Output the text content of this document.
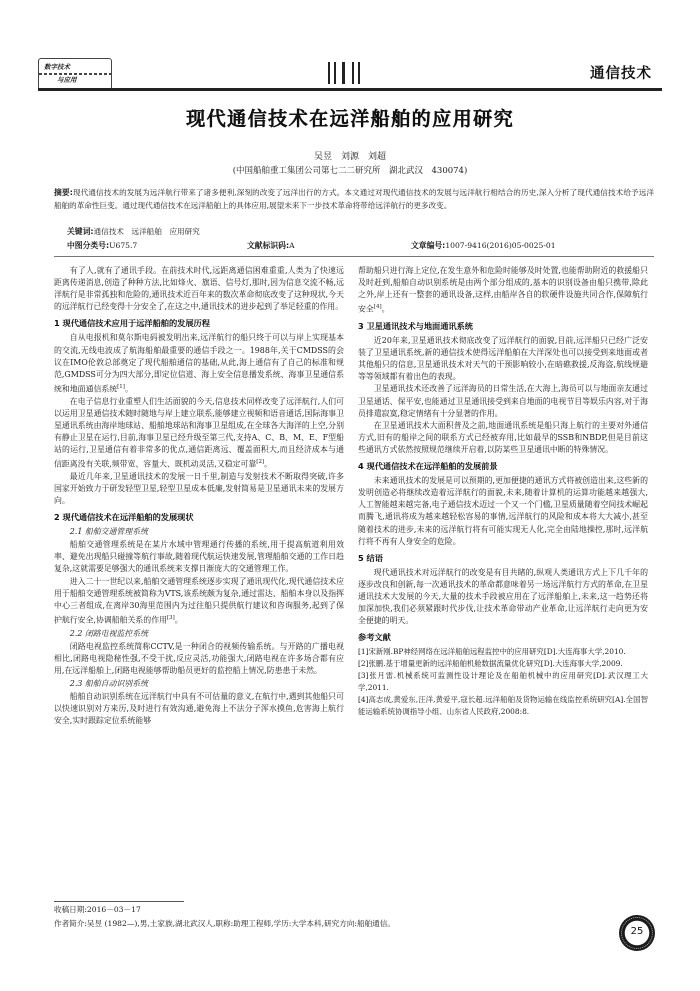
数字技术
与应用	通信技术
现代通信技术在远洋船舶的应用研究
吴昱　刘源　刘超
(中国船舶重工集团公司第七二二研究所　湖北武汉　430074)
摘要:现代通信技术的发展为远洋航行带来了诸多便利,深刻的改变了远洋出行的方式。本文通过对现代通信技术的发展与远洋航行相结合的历史,深入分析了现代通信技术给予远洋船舶的革命性巨变。通过现代通信技术在远洋船舶上的具体应用,展望未来下一步技术革命将带给远洋航行的更多改变。
关键词:通信技术　远洋船舶　应用研究
中图分类号:U675.7	文献标识码:A	文章编号:1007-9416(2016)05-0025-01

有了人,就有了通讯手段。在前技术时代,远距离通信困难重重,人类为了快速远距离传递消息,创造了种种方法,比如烽火、旗语、信号灯,那时,因为信息交流不畅,远洋航行是非常孤独和危险的,通讯技术近百年来的数次革命彻底改变了这种现状,今天的远洋航行已经变得十分安全了,在这之中,通讯技术的进步起到了举足轻重的作用。

1 现代通信技术应用于远洋船舶的发展历程

自从电报机和莫尔斯电码被发明出来,远洋航行的船只终于可以与岸上实现基本的交流,无线电波成了航海船舶最重要的通信手段之一。1988年,关于CMDSS的会议在IMO伦敦总部奠定了现代船舶通信的基础,从此,海上通信有了自己的标准和规范,GMDSS可分为四大部分,即定位信道、海上安全信息播发系统、海事卫星通信系统和地面通信系统[1]。

在电子信息行业重塑人们生活面貌的今天,信息技术同样改变了远洋航行,人们可以运用卫星通信技术随时随地与岸上建立联系,能够建立视频和语音通话,国际海事卫星通讯系统由海岸地球站、船舶地球站和海事卫星组成,在全球各大海洋的上空,分别有静止卫星在运行,目前,海事卫星已经升级至第三代,支持A、C、B、M、E、F型船站的运行,卫星通信有着非常多的优点,通信距离远、覆盖面积大,而且经济成本与通信距离没有关联,频带宽、容量大、既机动灵活,又稳定可靠[2]。

最近几年来,卫星通讯技术的发展一日千里,制造与发射技术不断取得突破,许多国家开始致力于研发轻型卫星,轻型卫星成本低廉,发射简易是卫星通讯未来的发展方向。

2 现代通信技术在远洋船舶的发展现状
2.1 船舶交通管理系统

船舶交通管理系统是在某片水域中管理通行传播的系统,用于提高航道利用效率、避免出现船只碰撞等航行事故,随着现代航运快速发展,管理船舶交通的工作日趋复杂,这就需要足够强大的通讯系统来支撑日渐庞大的交通管理工作。

进入二十一世纪以来,船舶交通管理系统逐步实现了通讯现代化,现代通信技术应用于船舶交通管理系统被简称为VTS,该系统颇为复杂,通过雷达、船舶本身以及指挥中心三者组成,在离岸30海里范围内为过往船只提供航行建议和咨询服务,起到了保护航行安全,协调船舶关系的作用[3]。

2.2 闭路电视监控系统

闭路电视监控系统简称CCTV,是一种闭合的视频传输系统。与开路的广播电视相比,闭路电视隐秘性强,不受干扰,反应灵活,功能强大,闭路电视在许多场合都有应用,在远洋船舶上,闭路电视能够帮助船员更好的监控船上情况,防患患于未然。

2.3 船舶自动识别系统

船舶自动识别系统在远洋航行中具有不可估量的意义,在航行中,遇到其他船只可以快速识别对方来历,及时进行有效沟通,避免海上不法分子浑水摸鱼,危害海上航行安全,实时跟踪定位系统能够

帮助船只进行海上定位,在发生意外和危险时能够及时处置,也能帮助附近的救援船只及时赶到,船舶自动识别系统是由两个部分组成的,基本的识别设备由船只携带,除此之外,岸上还有一整套的通讯设备,这样,由船岸各自的软硬件设施共同合作,保障航行安全[4]。

3 卫星通讯技术与地面通讯系统

近20年来,卫星通讯技术彻底改变了远洋航行的面貌,目前,远洋船只已经广泛安装了卫星通讯系统,新的通信技术使得远洋船舶在大洋深处也可以接受到来地面或者其他船只的信息,卫星通讯技术对天气的干预影响较小,在暗礁救援,反海盗,航线规避等等领域都有着出色的表现。

卫星通讯技术还改善了远洋海员的日常生活,在大海上,海员可以与地面亲友通过卫星通话、保平安,也能通过卫星通讯接受到来自地面的电视节目等娱乐内容,对于海员排遣寂寞,稳定情绪有十分显著的作用。

在卫星通讯技术大面积普及之前,地面通讯系统是船只海上航行的主要对外通信方式,旧有的船岸之间的联系方式已经被弃用,比如最早的SSB和NBDP,但是目前这些通讯方式依然按照规范继续开启着,以防某些卫星通讯中断的特殊情况。

4 现代通信技术在远洋船舶的发展前景

未来通讯技术的发展是可以预期的,更加便捷的通讯方式将被创造出来,这些新的发明创造必将继续改造着远洋航行的面貌,未来,随着计算机的运算功能越来越强大,人工智能越来越完备,电子通信技术迈过一个又一个门槛,卫星质量随着空间技术崛起而腾飞,通讯将成为越来越轻松容易的事情,远洋航行的风险和成本将大大减小,甚至随着技术的进步,未来的远洋航行将有可能实现无人化,完全由陆地操控,那时,远洋航行将不再有人身安全的危险。

5 结语

现代通讯技术对远洋航行的改变是有目共睹的,纵观人类通讯方式上下几千年的逐步改良和创新,每一次通讯技术的革命都意味着另一场远洋航行方式的革命,在卫星通讯技术大发展的今天,大量的技术手段被应用在了远洋船舶上,未来,这一趋势还将加深加快,我们必须紧跟时代步伐,让技术革命带动产业革命,让远洋航行走向更为安全便捷的明天。

参考文献
[1]宋新刚.BP神经网络在远洋船舶远程监控中的应用研究[D].大连海事大学,2010.
[2]张鹏.基于增量更新的远洋船舶机舱数据流量优化研究[D].大连海事大学,2009.
[3]张月雷.机械系统可监测性设计理论及在船舶机械中的应用研究[D].武汉理工大学,2011.
[4]高志成,黄爱东,汪洋,黄爱平,寇长超.远洋船舶及货物运输在线监控系统研究[A].全国智能运输系统协调指导小组、山东省人民政府,2008:8.
收稿日期:2016－03－17
作者简介:吴昱 (1982—),男,土家族,湖北武汉人,职称:助理工程师,学历:大学本科,研究方向:船舶通信。
25
